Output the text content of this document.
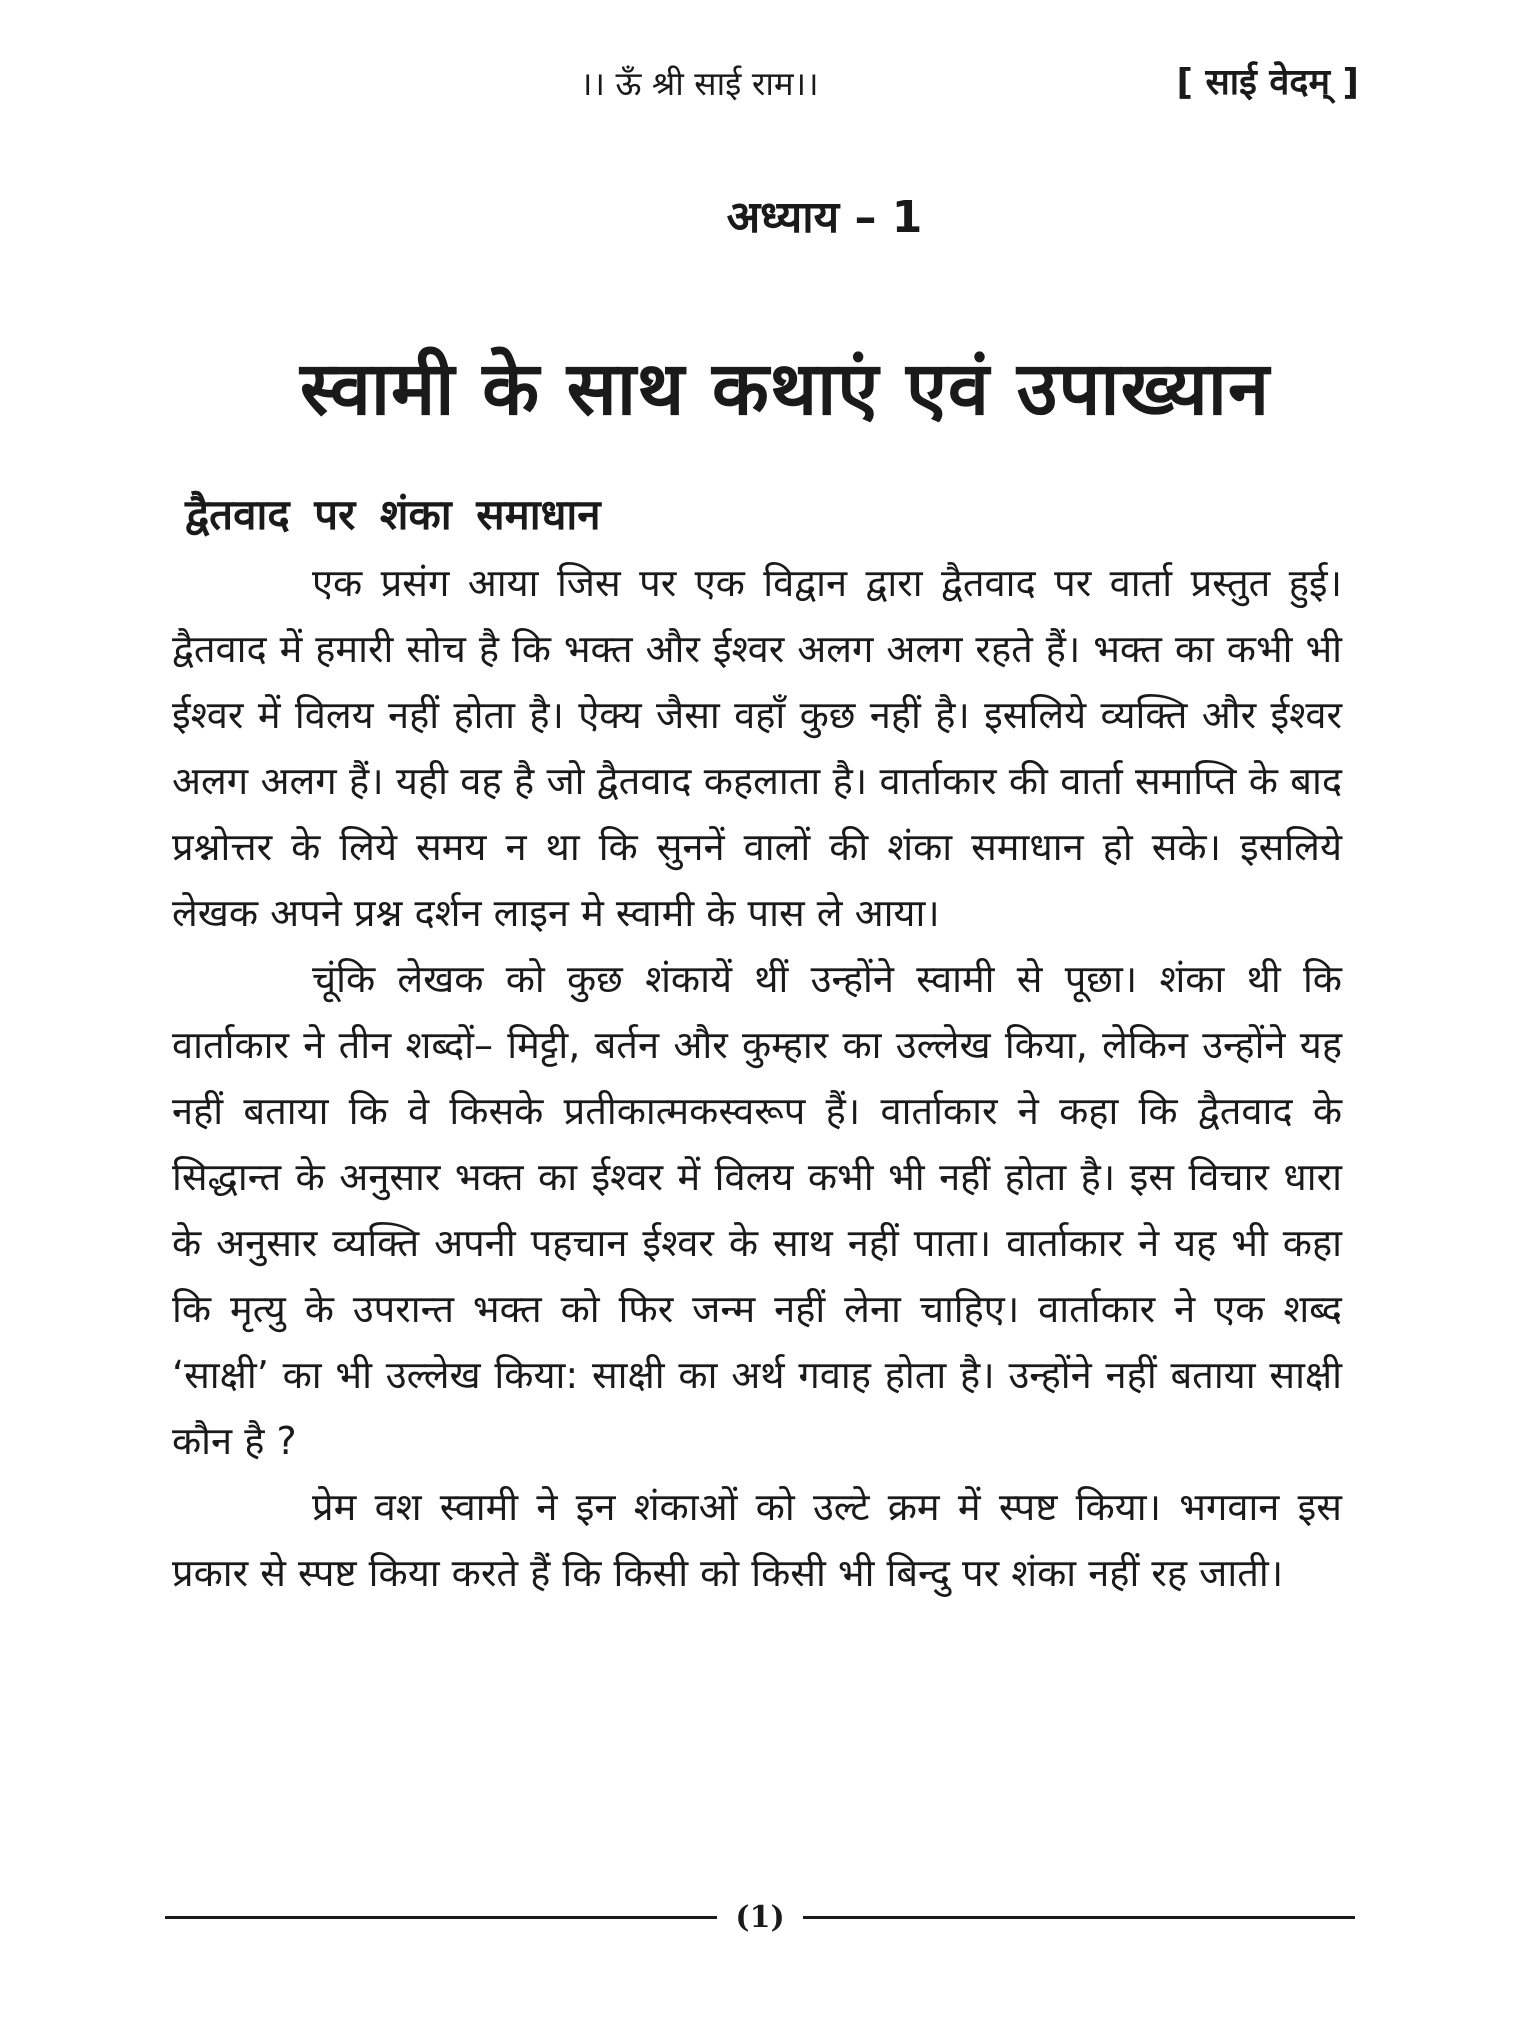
।। ऊँ श्री साई राम।।	[ साई वेदम् ]
अध्याय – 1
स्वामी के साथ कथाएं एवं उपाख्यान
द्वैतवाद पर शंका समाधान

एक प्रसंग आया जिस पर एक विद्वान द्वारा द्वैतवाद पर वार्ता प्रस्तुत हुई। द्वैतवाद में हमारी सोच है कि भक्त और ईश्वर अलग अलग रहते हैं। भक्त का कभी भी ईश्वर में विलय नहीं होता है। ऐक्य जैसा वहाँ कुछ नहीं है। इसलिये व्यक्ति और ईश्वर अलग अलग हैं। यही वह है जो द्वैतवाद कहलाता है। वार्ताकार की वार्ता समाप्ति के बाद प्रश्नोत्तर के लिये समय न था कि सुननें वालों की शंका समाधान हो सके। इसलिये लेखक अपने प्रश्न दर्शन लाइन मे स्वामी के पास ले आया।

चूंकि लेखक को कुछ शंकायें थीं उन्होंने स्वामी से पूछा। शंका थी कि वार्ताकार ने तीन शब्दों– मिट्टी, बर्तन और कुम्हार का उल्लेख किया, लेकिन उन्होंने यह नहीं बताया कि वे किसके प्रतीकात्मकस्वरूप हैं। वार्ताकार ने कहा कि द्वैतवाद के सिद्धान्त के अनुसार भक्त का ईश्वर में विलय कभी भी नहीं होता है। इस विचार धारा के अनुसार व्यक्ति अपनी पहचान ईश्वर के साथ नहीं पाता। वार्ताकार ने यह भी कहा कि मृत्यु के उपरान्त भक्त को फिर जन्म नहीं लेना चाहिए। वार्ताकार ने एक शब्द ‘साक्षी’ का भी उल्लेख किया: साक्षी का अर्थ गवाह होता है। उन्होंने नहीं बताया साक्षी कौन है ?

प्रेम वश स्वामी ने इन शंकाओं को उल्टे क्रम में स्पष्ट किया। भगवान इस प्रकार से स्पष्ट किया करते हैं कि किसी को किसी भी बिन्दु पर शंका नहीं रह जाती।

(1)
